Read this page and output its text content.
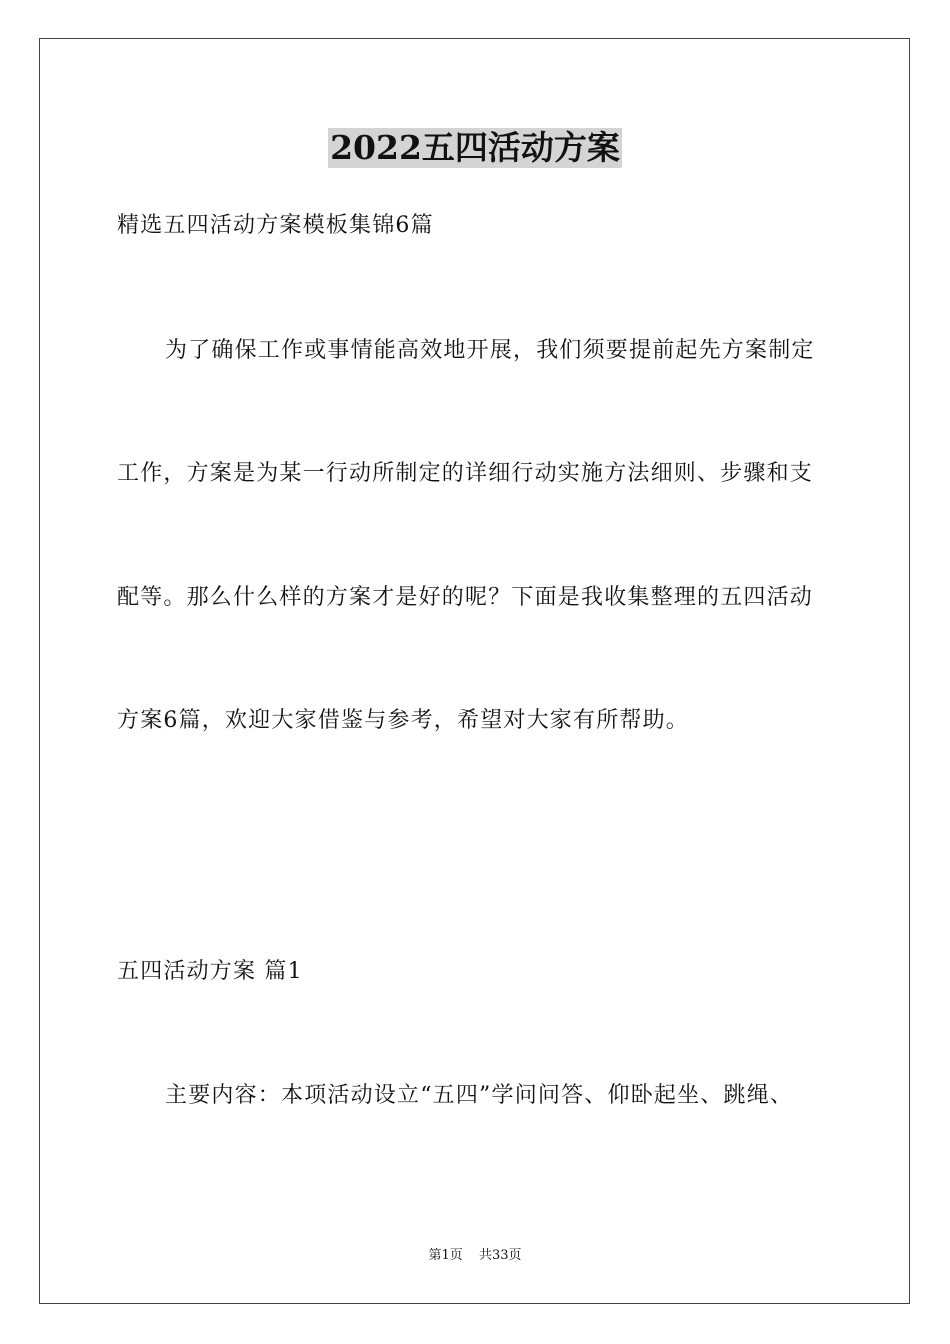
2022五四活动方案
精选五四活动方案模板集锦6篇
为了确保工作或事情能高效地开展，我们须要提前起先方案制定
工作，方案是为某一行动所制定的详细行动实施方法细则、步骤和支
配等。那么什么样的方案才是好的呢？下面是我收集整理的五四活动
方案6篇，欢迎大家借鉴与参考，希望对大家有所帮助。
五四活动方案 篇1
主要内容：本项活动设立“五四”学问问答、仰卧起坐、跳绳、
第1页 共33页
